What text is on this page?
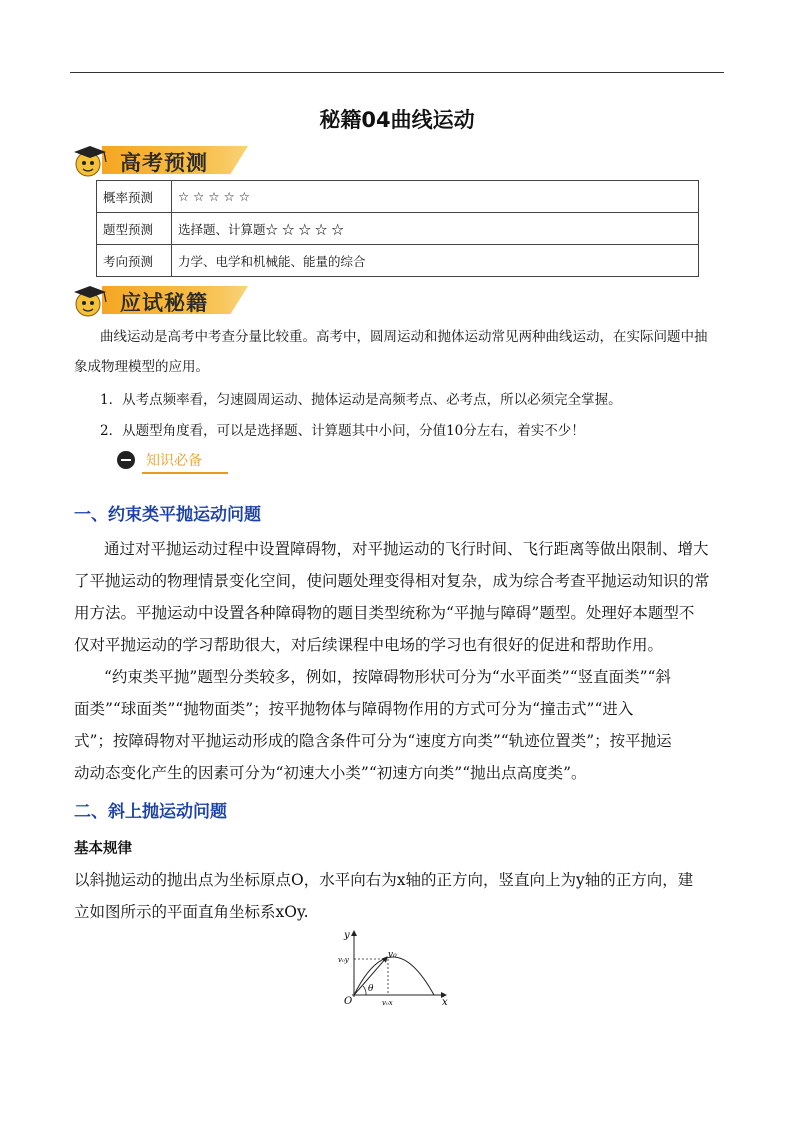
秘籍04曲线运动
高考预测
概率预测	☆ ☆ ☆ ☆ ☆
题型预测	选择题、计算题☆ ☆ ☆ ☆ ☆
考向预测	力学、电学和机械能、能量的综合
应试秘籍
曲线运动是高考中考查分量比较重。高考中，圆周运动和抛体运动常见两种曲线运动，在实际问题中抽
象成物理模型的应用。
1．从考点频率看，匀速圆周运动、抛体运动是高频考点、必考点，所以必须完全掌握。
2．从题型角度看，可以是选择题、计算题其中小问，分值10分左右，着实不少！
知识必备
一、约束类平抛运动问题
通过对平抛运动过程中设置障碍物，对平抛运动的飞行时间、飞行距离等做出限制、增大
了平抛运动的物理情景变化空间，使问题处理变得相对复杂，成为综合考查平抛运动知识的常
用方法。平抛运动中设置各种障碍物的题目类型统称为“平抛与障碍”题型。处理好本题型不
仅对平抛运动的学习帮助很大，对后续课程中电场的学习也有很好的促进和帮助作用。
“约束类平抛”题型分类较多，例如，按障碍物形状可分为“水平面类”“竖直面类”“斜
面类”“球面类”“抛物面类”；按平抛物体与障碍物作用的方式可分为“撞击式”“进入
式”；按障碍物对平抛运动形成的隐含条件可分为“速度方向类”“轨迹位置类”；按平抛运
动动态变化产生的因素可分为“初速大小类”“初速方向类”“抛出点高度类”。
二、斜上抛运动问题
基本规律
以斜抛运动的抛出点为坐标原点O，水平向右为x轴的正方向，竖直向上为y轴的正方向，建
立如图所示的平面直角坐标系xOy.
y
x
O
v₀
v₀y
v₀x
θ
